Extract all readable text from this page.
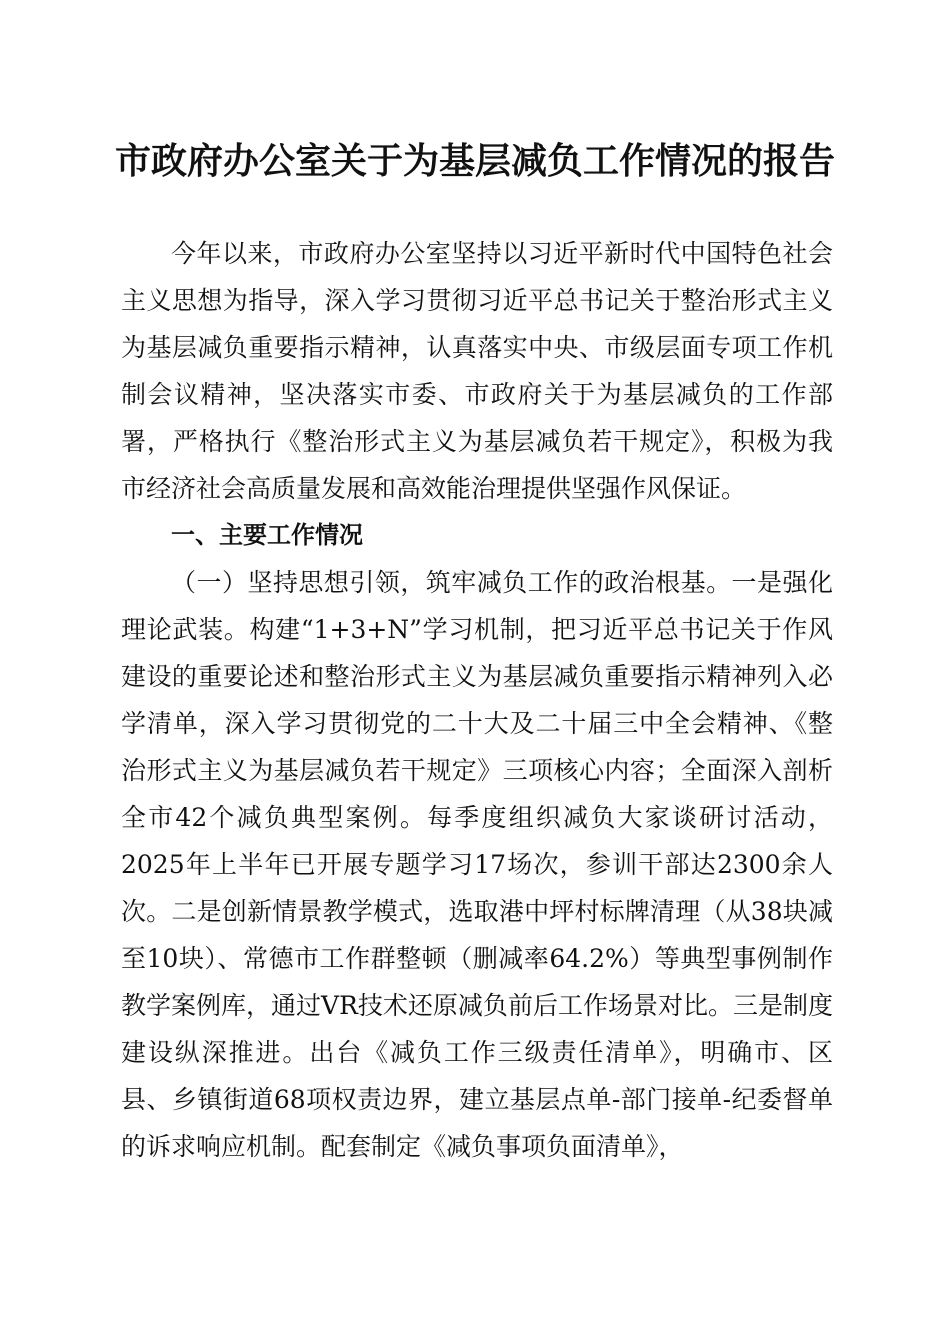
市政府办公室关于为基层减负工作情况的报告

今年以来，市政府办公室坚持以习近平新时代中国特色社会主义思想为指导，深入学习贯彻习近平总书记关于整治形式主义为基层减负重要指示精神，认真落实中央、市级层面专项工作机制会议精神，坚决落实市委、市政府关于为基层减负的工作部署，严格执行《整治形式主义为基层减负若干规定》，积极为我市经济社会高质量发展和高效能治理提供坚强作风保证。

一、主要工作情况

（一）坚持思想引领，筑牢减负工作的政治根基。一是强化理论武装。构建“1+3+N”学习机制，把习近平总书记关于作风建设的重要论述和整治形式主义为基层减负重要指示精神列入必学清单，深入学习贯彻党的二十大及二十届三中全会精神、《整治形式主义为基层减负若干规定》三项核心内容；全面深入剖析全市42个减负典型案例。每季度组织减负大家谈研讨活动，2025年上半年已开展专题学习17场次，参训干部达2300余人次。二是创新情景教学模式，选取港中坪村标牌清理（从38块减至10块）、常德市工作群整顿（删减率64.2%）等典型事例制作教学案例库，通过VR技术还原减负前后工作场景对比。三是制度建设纵深推进。出台《减负工作三级责任清单》，明确市、区县、乡镇街道68项权责边界，建立基层点单-部门接单-纪委督单的诉求响应机制。配套制定《减负事项负面清单》，
